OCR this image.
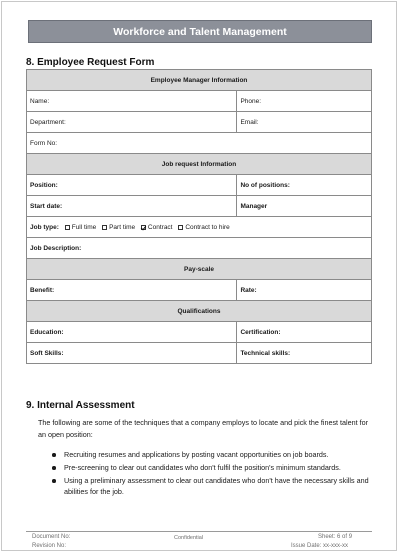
Workforce and Talent Management
8. Employee Request Form
Employee Manager Information	
Name:	Phone:
Department:	Email:
Form No:	
Job request Information	
Position:	No of positions:
Start date:	Manager
Job type: Full time Part time Contract Contract to hire	
Job Description:	
Pay-scale	
Benefit:	Rate:
Qualifications	
Education:	Certification:
Soft Skills:	Technical skills:
9. Internal Assessment
The following are some of the techniques that a company employs to locate and pick the finest talent for an open position:
Recruiting resumes and applications by posting vacant opportunities on job boards.
Pre-screening to clear out candidates who don't fulfil the position's minimum standards.
Using a preliminary assessment to clear out candidates who don't have the necessary skills and abilities for the job.
Document No:
Revision No:
Confidential	Sheet: 6 of 9
Issue Date: xx-xxx-xx
